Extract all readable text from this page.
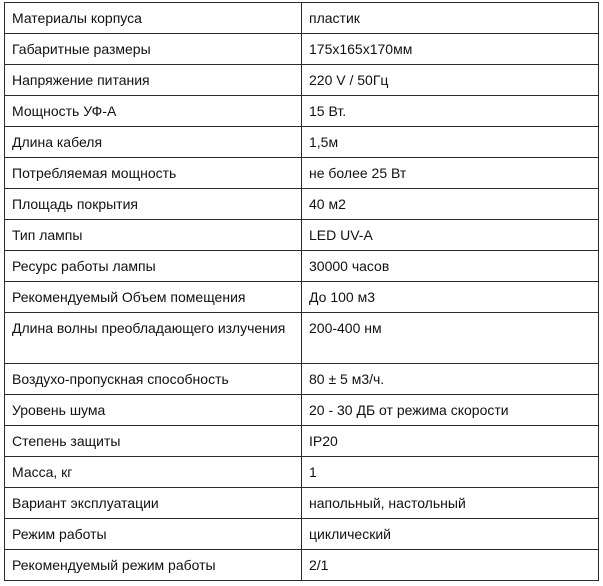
Материалы корпуса	пластик
Габаритные размеры	175х165х170мм
Напряжение питания	220 V / 50Гц
Мощность УФ-А	15 Вт.
Длина кабеля	1,5м
Потребляемая мощность	не более 25 Вт
Площадь покрытия	40 м2
Тип лампы	LED UV-A
Ресурс работы лампы	30000 часов
Рекомендуемый Объем помещения	До 100 м3
Длина волны преобладающего излучения	200-400 нм
Воздухо-пропускная способность	80 ± 5 м3/ч.
Уровень шума	20 - 30 ДБ от режима скорости
Степень защиты	IP20
Масса, кг	1
Вариант эксплуатации	напольный, настольный
Режим работы	циклический
Рекомендуемый режим работы	2/1
